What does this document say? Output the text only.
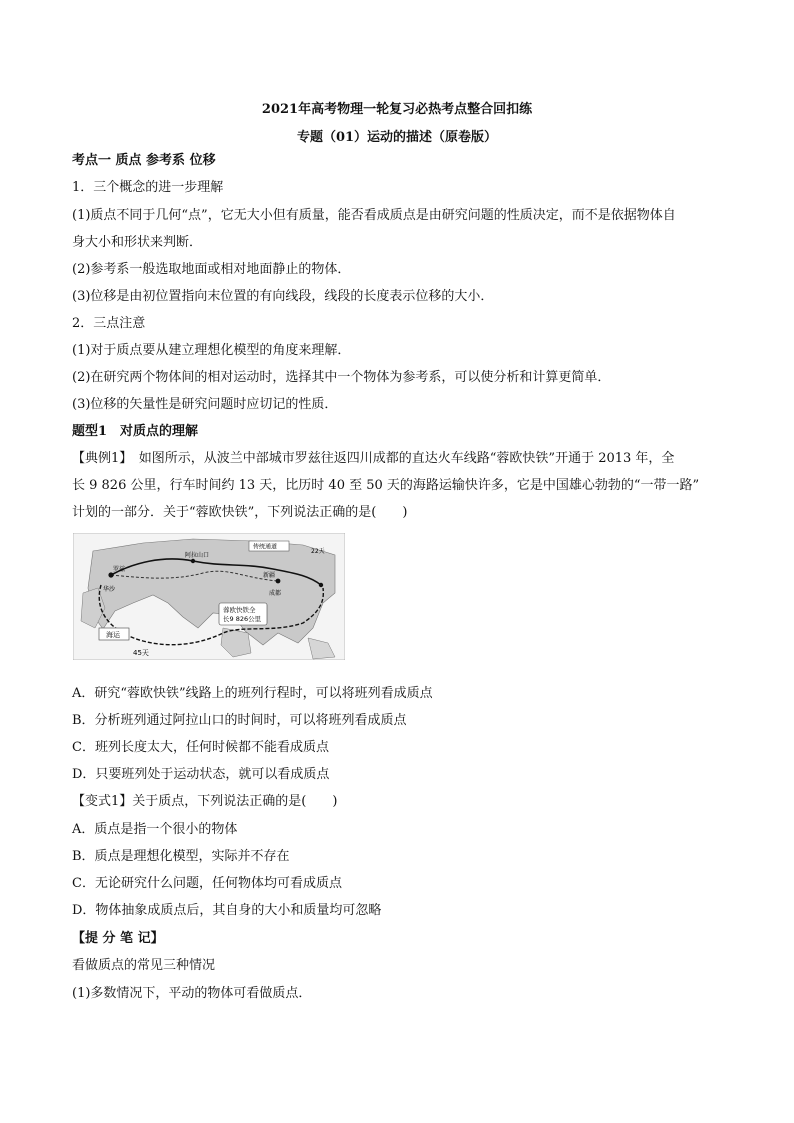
2021年高考物理一轮复习必热考点整合回扣练
专题（01）运动的描述（原卷版）
考点一 质点 参考系 位移
1．三个概念的进一步理解
(1)质点不同于几何“点”，它无大小但有质量，能否看成质点是由研究问题的性质决定，而不是依据物体自
身大小和形状来判断．
(2)参考系一般选取地面或相对地面静止的物体．
(3)位移是由初位置指向末位置的有向线段，线段的长度表示位移的大小．
2．三点注意
(1)对于质点要从建立理想化模型的角度来理解．
(2)在研究两个物体间的相对运动时，选择其中一个物体为参考系，可以使分析和计算更简单．
(3)位移的矢量性是研究问题时应切记的性质．
题型1　对质点的理解
【典例1】　如图所示，从波兰中部城市罗兹往返四川成都的直达火车线路“蓉欧快铁”开通于 2013 年，全
长 9 826 公里，行车时间约 13 天，比历时 40 至 50 天的海路运输快许多，它是中国雄心勃勃的“一带一路”
计划的一部分．关于“蓉欧快铁”，下列说法正确的是(　　)
罗兹
阿拉山口
新疆
华沙
成都
传统通道
22天
蓉欧快铁全
长9 826公里
海运
45天
A．研究“蓉欧快铁”线路上的班列行程时，可以将班列看成质点
B．分析班列通过阿拉山口的时间时，可以将班列看成质点
C．班列长度太大，任何时候都不能看成质点
D．只要班列处于运动状态，就可以看成质点
【变式1】关于质点，下列说法正确的是(　　)
A．质点是指一个很小的物体
B．质点是理想化模型，实际并不存在
C．无论研究什么问题，任何物体均可看成质点
D．物体抽象成质点后，其自身的大小和质量均可忽略
【提 分 笔 记】
看做质点的常见三种情况
(1)多数情况下，平动的物体可看做质点．
